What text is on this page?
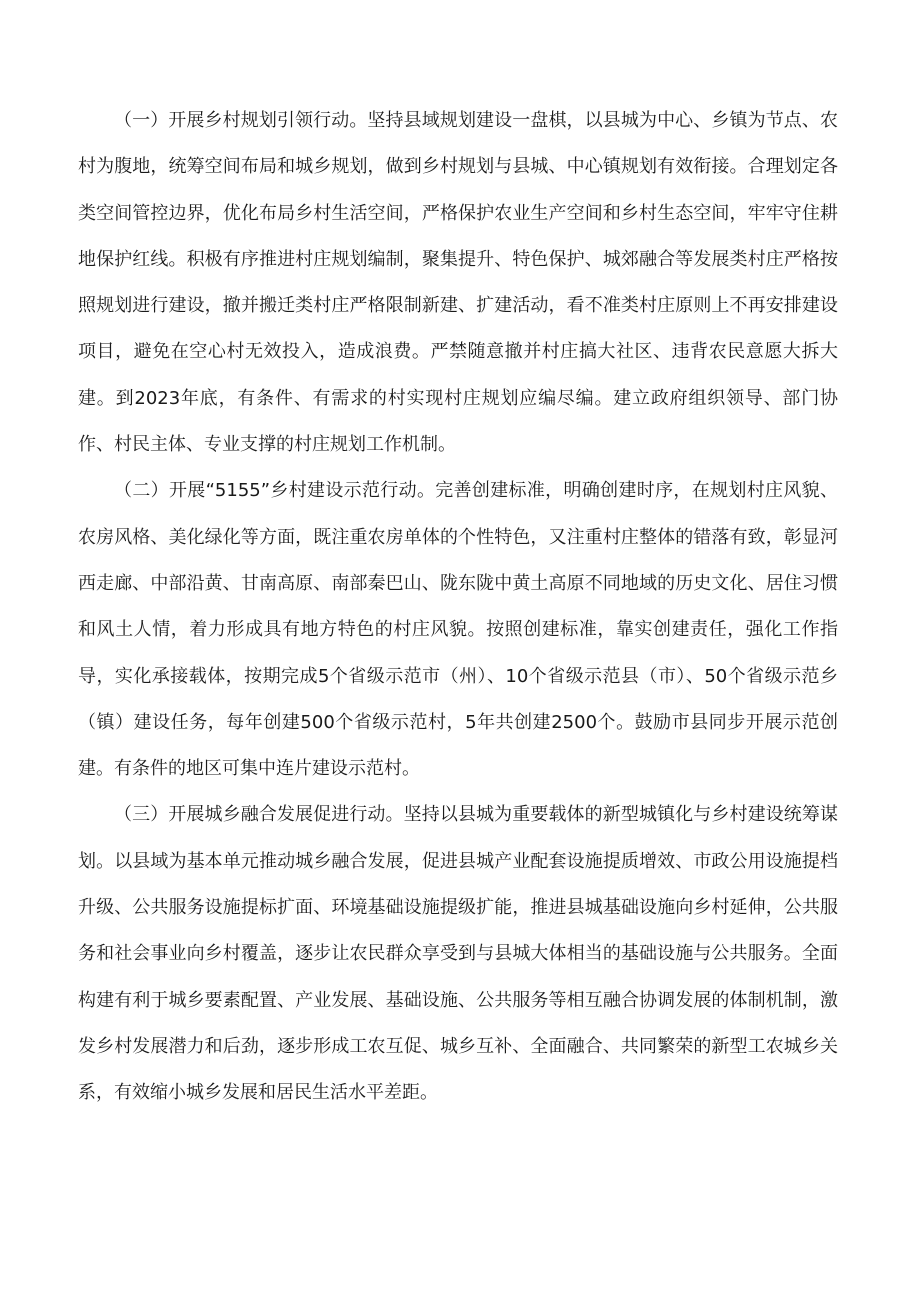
（一）开展乡村规划引领行动。坚持县域规划建设一盘棋，以县城为中心、乡镇为节点、农村为腹地，统筹空间布局和城乡规划，做到乡村规划与县城、中心镇规划有效衔接。合理划定各类空间管控边界，优化布局乡村生活空间，严格保护农业生产空间和乡村生态空间，牢牢守住耕地保护红线。积极有序推进村庄规划编制，聚集提升、特色保护、城郊融合等发展类村庄严格按照规划进行建设，撤并搬迁类村庄严格限制新建、扩建活动，看不准类村庄原则上不再安排建设项目，避免在空心村无效投入，造成浪费。严禁随意撤并村庄搞大社区、违背农民意愿大拆大建。到2023年底，有条件、有需求的村实现村庄规划应编尽编。建立政府组织领导、部门协作、村民主体、专业支撑的村庄规划工作机制。

（二）开展“5155”乡村建设示范行动。完善创建标准，明确创建时序，在规划村庄风貌、农房风格、美化绿化等方面，既注重农房单体的个性特色，又注重村庄整体的错落有致，彰显河西走廊、中部沿黄、甘南高原、南部秦巴山、陇东陇中黄土高原不同地域的历史文化、居住习惯和风土人情，着力形成具有地方特色的村庄风貌。按照创建标准，靠实创建责任，强化工作指导，实化承接载体，按期完成5个省级示范市（州）、10个省级示范县（市）、50个省级示范乡（镇）建设任务，每年创建500个省级示范村，5年共创建2500个。鼓励市县同步开展示范创建。有条件的地区可集中连片建设示范村。

（三）开展城乡融合发展促进行动。坚持以县城为重要载体的新型城镇化与乡村建设统筹谋划。以县域为基本单元推动城乡融合发展，促进县城产业配套设施提质增效、市政公用设施提档升级、公共服务设施提标扩面、环境基础设施提级扩能，推进县城基础设施向乡村延伸，公共服务和社会事业向乡村覆盖，逐步让农民群众享受到与县城大体相当的基础设施与公共服务。全面构建有利于城乡要素配置、产业发展、基础设施、公共服务等相互融合协调发展的体制机制，激发乡村发展潜力和后劲，逐步形成工农互促、城乡互补、全面融合、共同繁荣的新型工农城乡关系，有效缩小城乡发展和居民生活水平差距。
